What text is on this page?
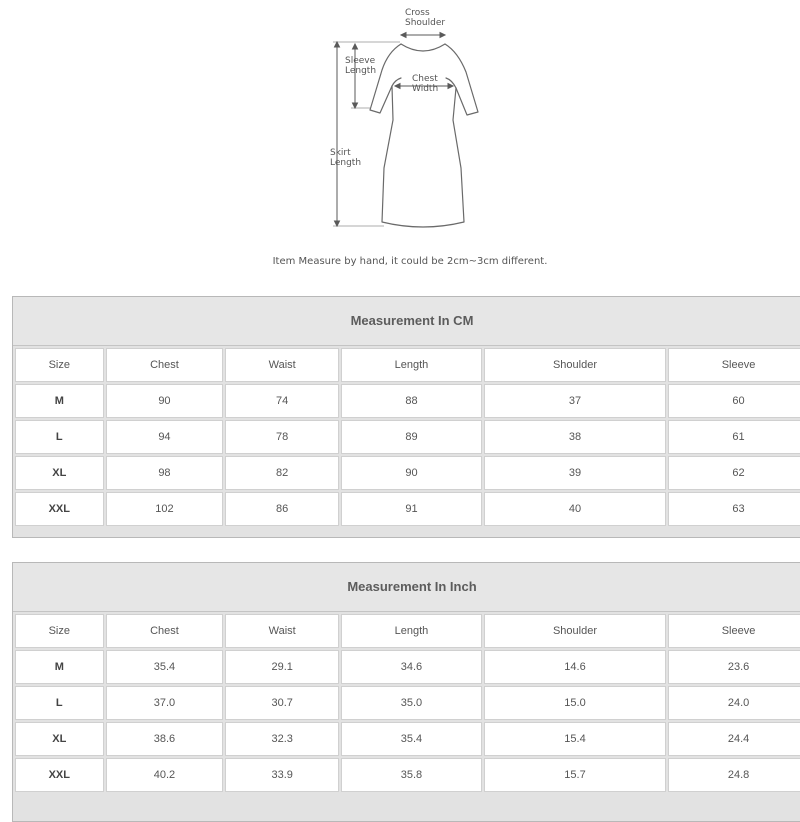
Cross
Shoulder
Sleeve
Length
Chest
Width
Skirt
Length
Item Measure by hand, it could be 2cm~3cm different.
Measurement In CM
Size	Chest	Waist	Length	Shoulder	Sleeve
M	90	74	88	37	60
L	94	78	89	38	61
XL	98	82	90	39	62
XXL	102	86	91	40	63
Measurement In Inch
Size	Chest	Waist	Length	Shoulder	Sleeve
M	35.4	29.1	34.6	14.6	23.6
L	37.0	30.7	35.0	15.0	24.0
XL	38.6	32.3	35.4	15.4	24.4
XXL	40.2	33.9	35.8	15.7	24.8
